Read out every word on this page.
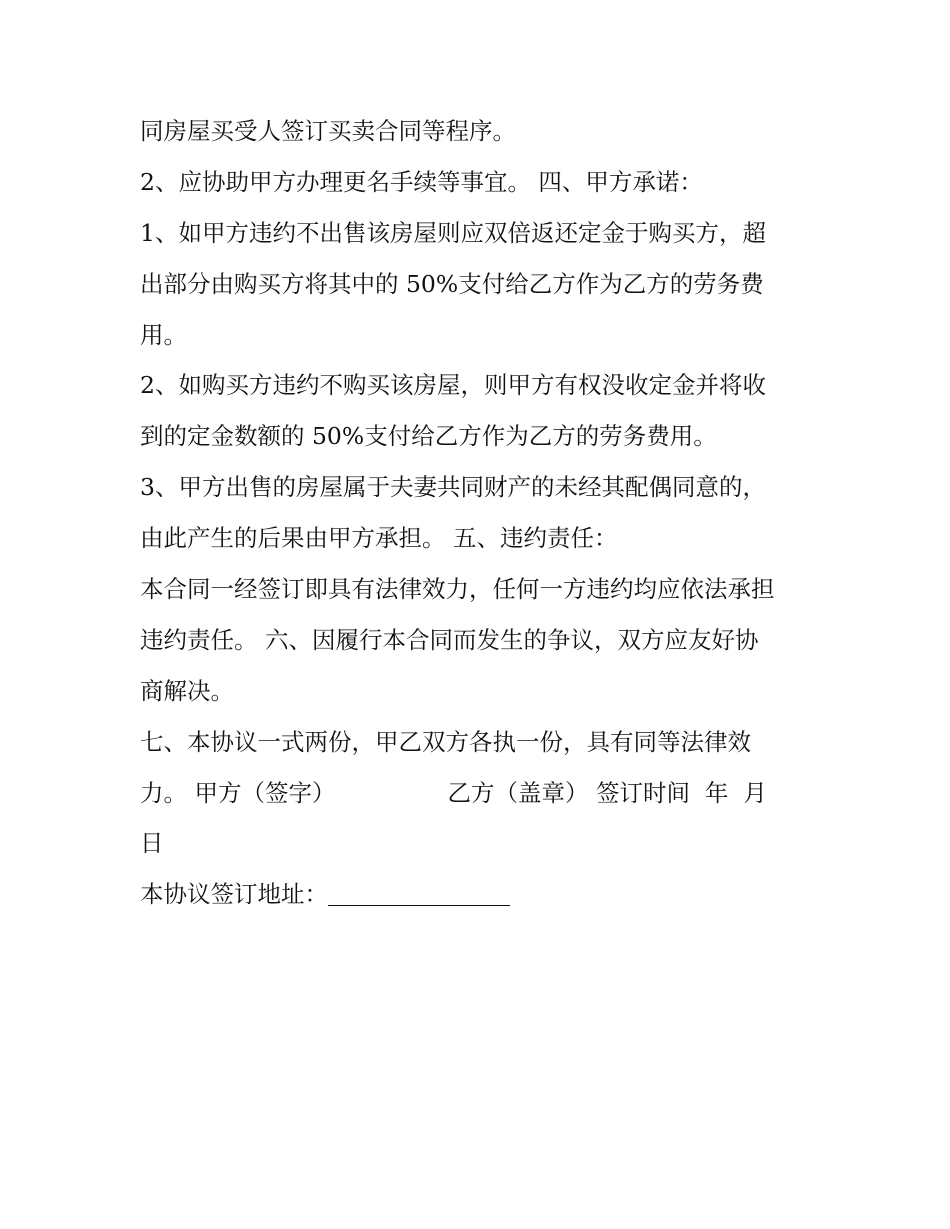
同房屋买受人签订买卖合同等程序。
2、应协助甲方办理更名手续等事宜。 四、甲方承诺：
1、如甲方违约不出售该房屋则应双倍返还定金于购买方，超
出部分由购买方将其中的 50%支付给乙方作为乙方的劳务费
用。
2、如购买方违约不购买该房屋，则甲方有权没收定金并将收
到的定金数额的 50%支付给乙方作为乙方的劳务费用。
3、甲方出售的房屋属于夫妻共同财产的未经其配偶同意的，
由此产生的后果由甲方承担。 五、违约责任：
本合同一经签订即具有法律效力，任何一方违约均应依法承担
违约责任。 六、因履行本合同而发生的争议，双方应友好协
商解决。
七、本协议一式两份，甲乙双方各执一份，具有同等法律效
力。 甲方（签字）	乙方（盖章） 签订时间  年  月
日
本协议签订地址：
